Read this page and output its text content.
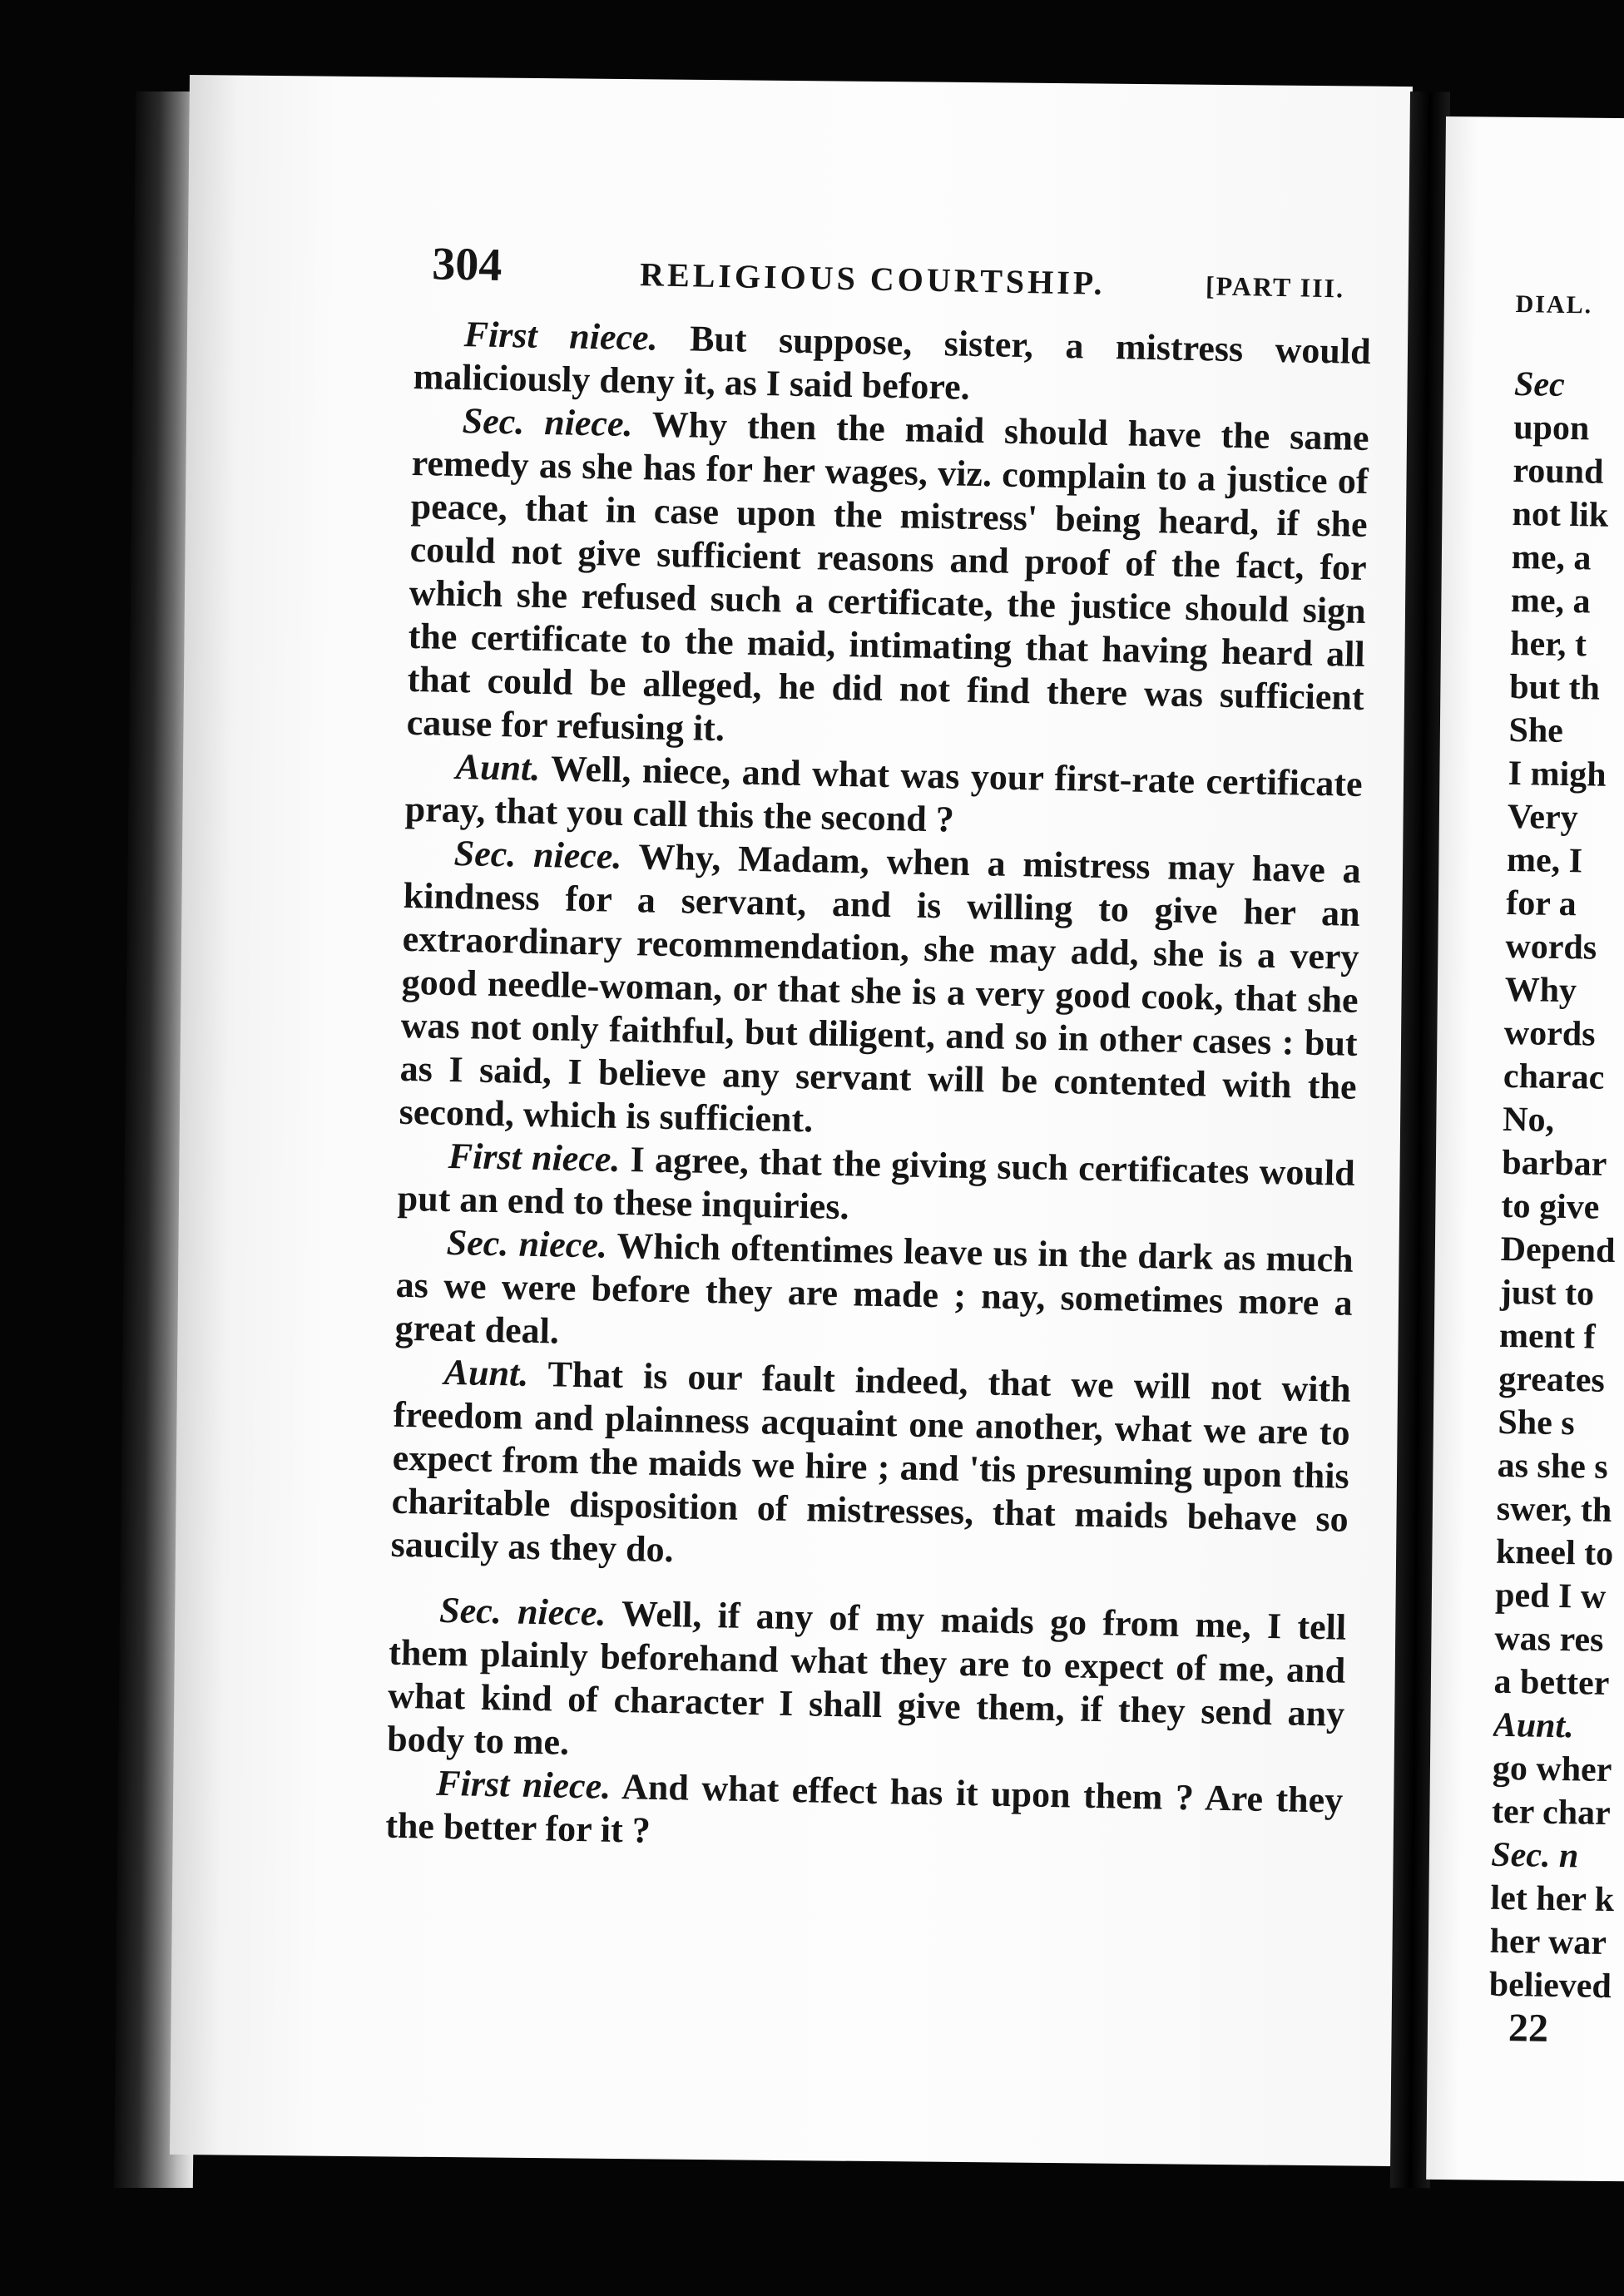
304	RELIGIOUS COURTSHIP.	[PART III.

First niece. But suppose, sister, a mistress would maliciously deny it, as I said before.

Sec. niece. Why then the maid should have the same remedy as she has for her wages, viz. complain to a justice of peace, that in case upon the mistress' being heard, if she could not give sufficient reasons and proof of the fact, for which she refused such a certificate, the justice should sign the certificate to the maid, intimating that having heard all that could be alleged, he did not find there was sufficient cause for refusing it.

Aunt. Well, niece, and what was your first-rate certificate pray, that you call this the second ?

Sec. niece. Why, Madam, when a mistress may have a kindness for a servant, and is willing to give her an extraordinary recommendation, she may add, she is a very good needle-woman, or that she is a very good cook, that she was not only faithful, but diligent, and so in other cases : but as I said, I believe any servant will be contented with the second, which is sufficient.

First niece. I agree, that the giving such certificates would put an end to these inquiries.

Sec. niece. Which oftentimes leave us in the dark as much as we were before they are made ; nay, sometimes more a great deal.

Aunt. That is our fault indeed, that we will not with freedom and plainness acquaint one another, what we are to expect from the maids we hire ; and 'tis presuming upon this charitable disposition of mistresses, that maids behave so saucily as they do.

Sec. niece. Well, if any of my maids go from me, I tell them plainly beforehand what they are to expect of me, and what kind of character I shall give them, if they send any body to me.

First niece. And what effect has it upon them ? Are they the better for it ?

DIAL.
Sec
upon
round
not lik
me, a
me, a
her, t
but th
She
I migh
Very
me, I
for a
words
Why
words
charac
No,
barbar
to give
Depend
just to
ment f
greates
She s
as she s
swer, th
kneel to
ped I w
was res
a better
Aunt.
go wher
ter char
Sec. n
let her k
her war
believed
22
